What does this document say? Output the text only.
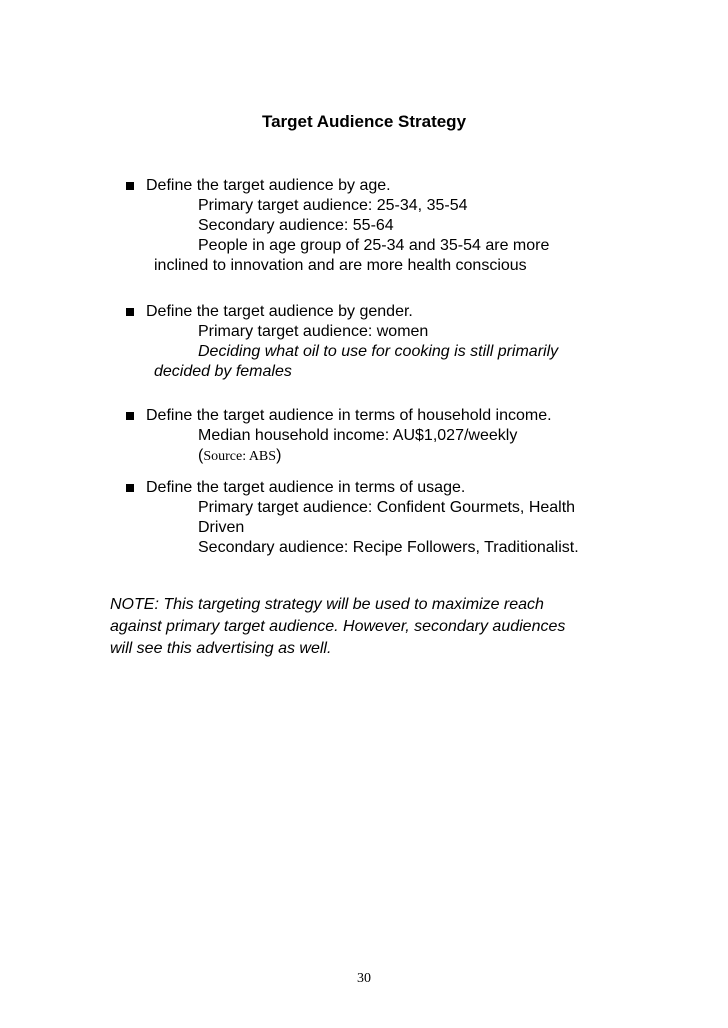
Target Audience Strategy
Define the target audience by age.
Primary target audience: 25-34, 35-54
Secondary audience: 55-64
People in age group of 25-34 and 35-54 are more
inclined to innovation and are more health conscious
Define the target audience by gender.
Primary target audience: women
Deciding what oil to use for cooking is still primarily
decided by females
Define the target audience in terms of household income.
Median household income: AU$1,027/weekly
(Source: ABS)
Define the target audience in terms of usage.
Primary target audience: Confident Gourmets, Health
Driven
Secondary audience: Recipe Followers, Traditionalist.
NOTE: This targeting strategy will be used to maximize reach
against primary target audience. However, secondary audiences
will see this advertising as well.
30
